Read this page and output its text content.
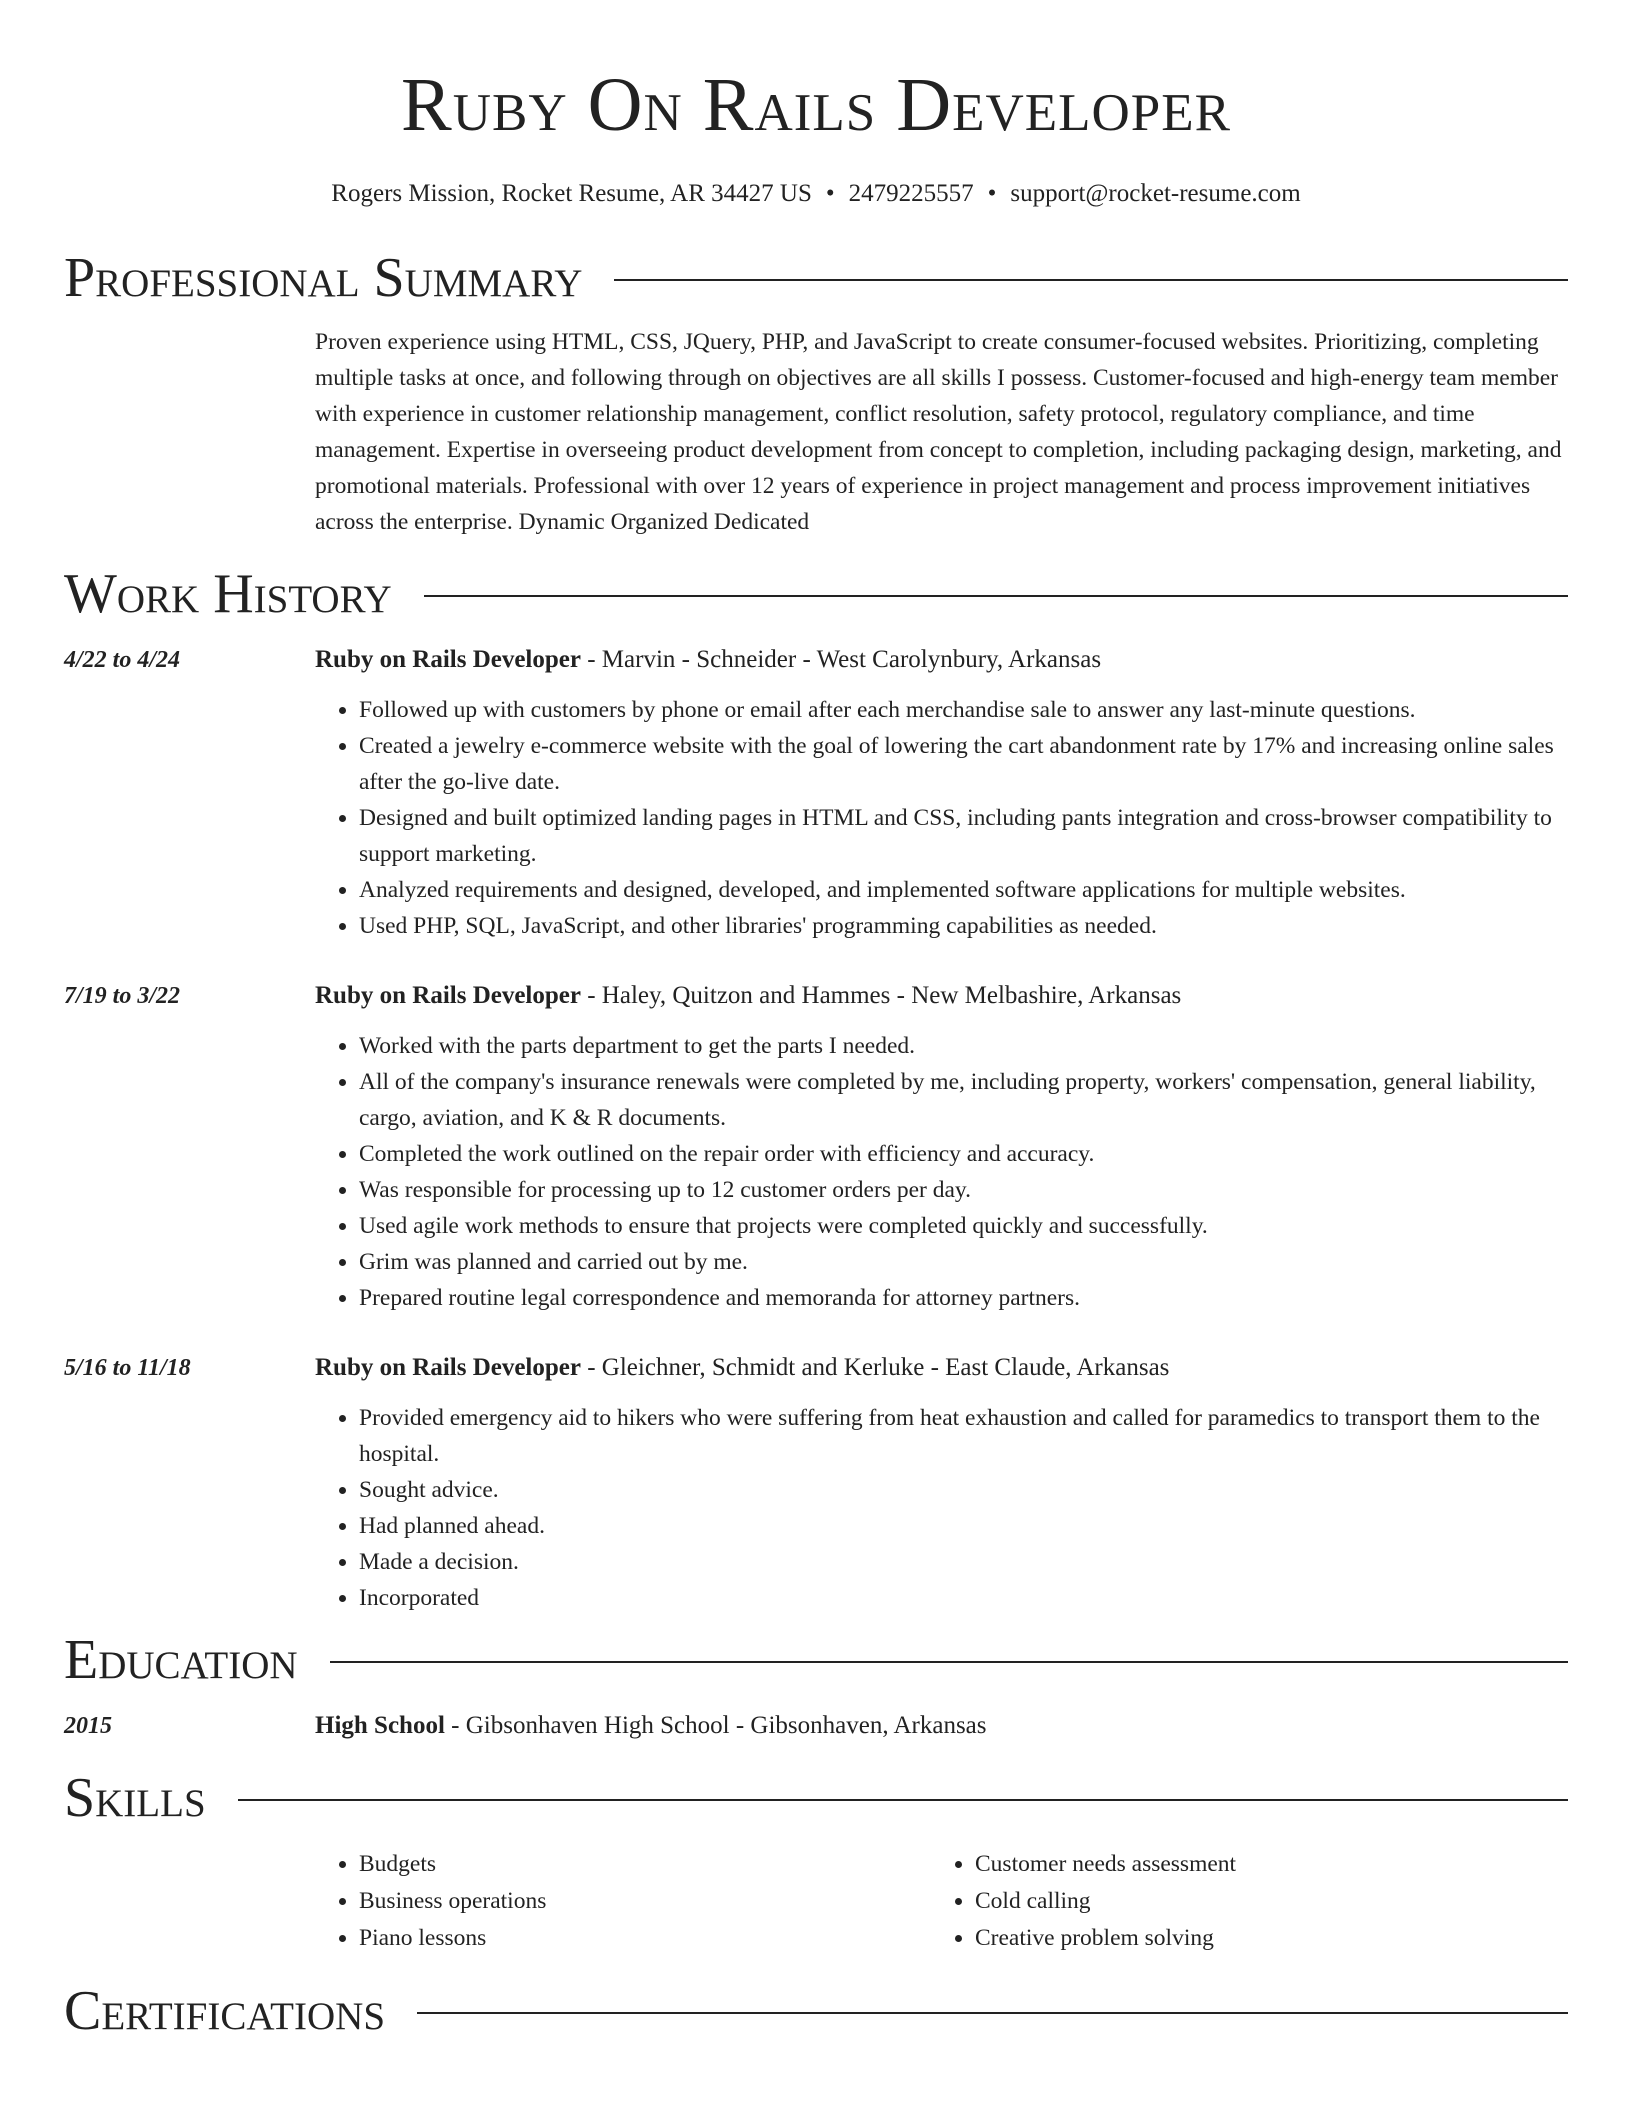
Ruby On Rails Developer
Rogers Mission, Rocket Resume, AR 34427 US • 2479225557 • support@rocket-resume.com
Professional Summary
Proven experience using HTML, CSS, JQuery, PHP, and JavaScript to create consumer-focused websites. Prioritizing, completing multiple tasks at once, and following through on objectives are all skills I possess. Customer-focused and high-energy team member with experience in customer relationship management, conflict resolution, safety protocol, regulatory compliance, and time management. Expertise in overseeing product development from concept to completion, including packaging design, marketing, and promotional materials. Professional with over 12 years of experience in project management and process improvement initiatives across the enterprise. Dynamic Organized Dedicated
Work History
4/22 to 4/24	Ruby on Rails Developer - Marvin - Schneider - West Carolynbury, Arkansas
• Followed up with customers by phone or email after each merchandise sale to answer any last-minute questions.
• Created a jewelry e-commerce website with the goal of lowering the cart abandonment rate by 17% and increasing online sales after the go-live date.
• Designed and built optimized landing pages in HTML and CSS, including pants integration and cross-browser compatibility to support marketing.
• Analyzed requirements and designed, developed, and implemented software applications for multiple websites.
• Used PHP, SQL, JavaScript, and other libraries' programming capabilities as needed.
7/19 to 3/22	Ruby on Rails Developer - Haley, Quitzon and Hammes - New Melbashire, Arkansas
• Worked with the parts department to get the parts I needed.
• All of the company's insurance renewals were completed by me, including property, workers' compensation, general liability, cargo, aviation, and K & R documents.
• Completed the work outlined on the repair order with efficiency and accuracy.
• Was responsible for processing up to 12 customer orders per day.
• Used agile work methods to ensure that projects were completed quickly and successfully.
• Grim was planned and carried out by me.
• Prepared routine legal correspondence and memoranda for attorney partners.
5/16 to 11/18	Ruby on Rails Developer - Gleichner, Schmidt and Kerluke - East Claude, Arkansas
• Provided emergency aid to hikers who were suffering from heat exhaustion and called for paramedics to transport them to the hospital.
• Sought advice.
• Had planned ahead.
• Made a decision.
• Incorporated
Education
2015	High School - Gibsonhaven High School - Gibsonhaven, Arkansas
Skills
• Budgets
• Business operations
• Piano lessons
• Customer needs assessment
• Cold calling
• Creative problem solving
Certifications
